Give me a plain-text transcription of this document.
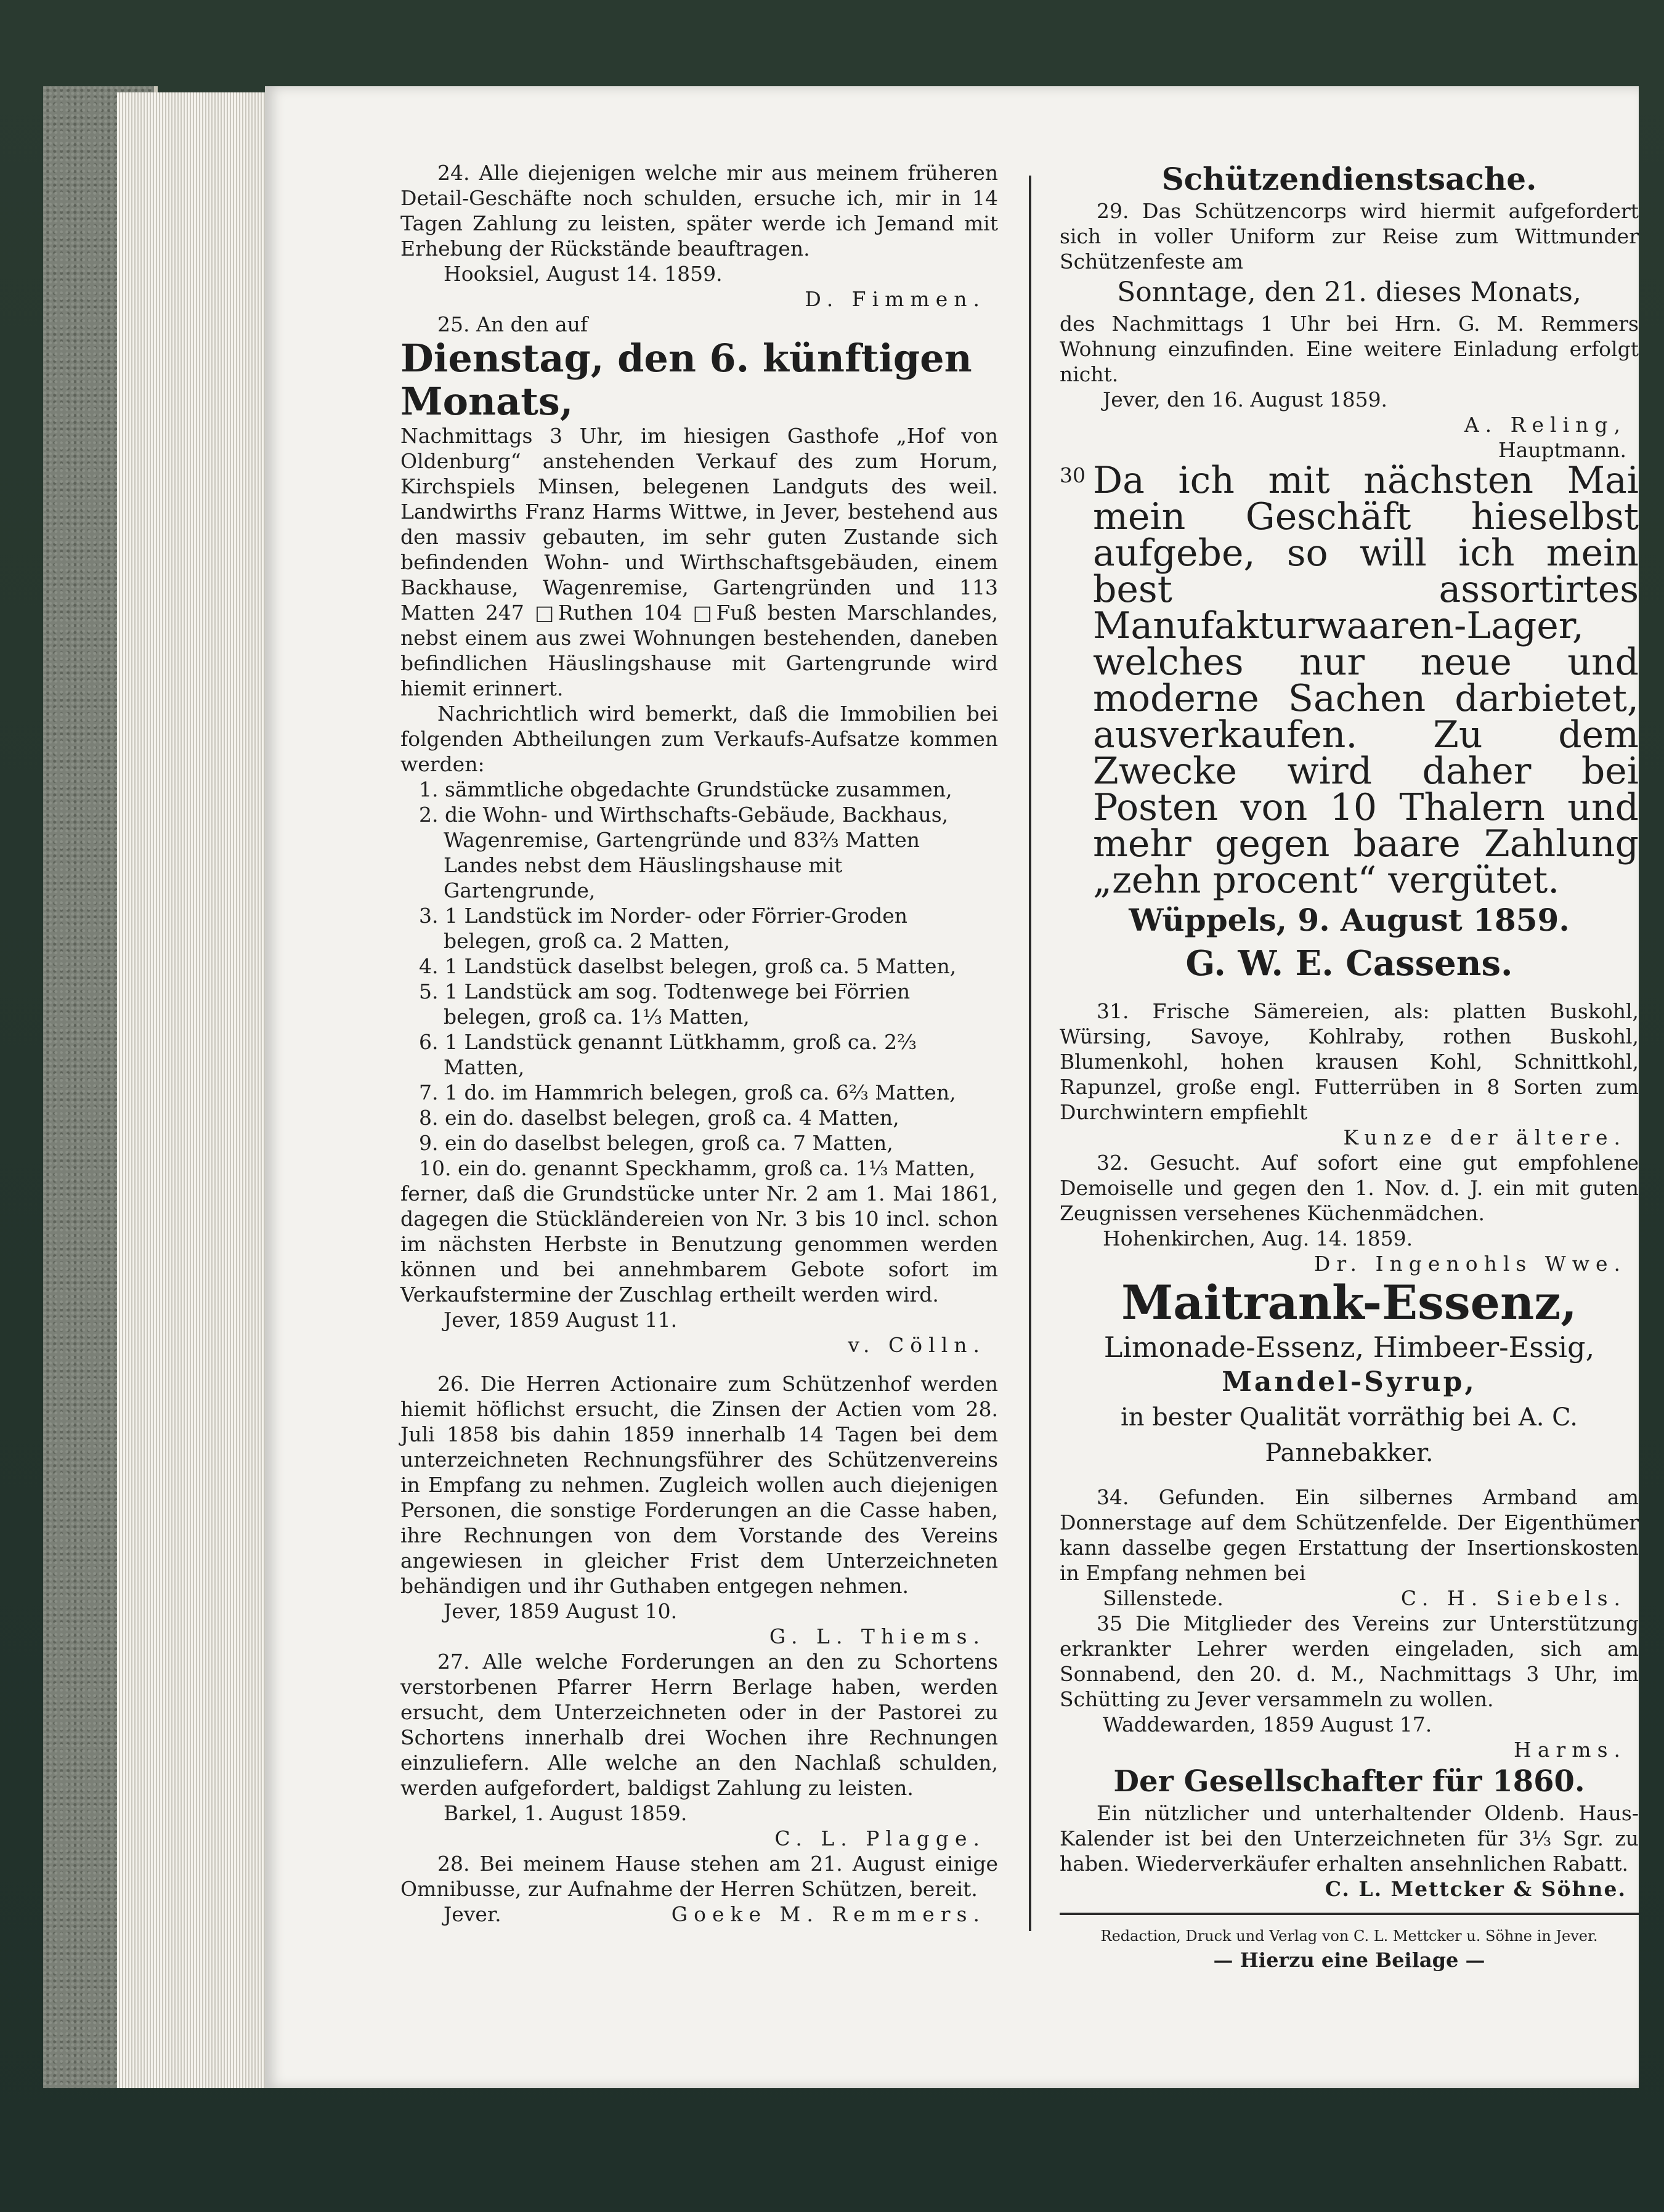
24. Alle diejenigen welche mir aus meinem früheren Detail-Geschäfte noch schulden, ersuche ich, mir in 14 Tagen Zahlung zu leisten, später werde ich Jemand mit Erhebung der Rückstände beauftragen.

Hooksiel, August 14. 1859.

D. Fimmen.

25. An den auf

Dienstag, den 6. künftigen Monats,

Nachmittags 3 Uhr, im hiesigen Gasthofe „Hof von Oldenburg“ anstehenden Verkauf des zum Horum, Kirchspiels Minsen, belegenen Landguts des weil. Landwirths Franz Harms Wittwe, in Jever, bestehend aus den massiv gebauten, im sehr guten Zustande sich befindenden Wohn- und Wirthschaftsgebäuden, einem Backhause, Wagenremise, Gartengründen und 113 Matten 247 □Ruthen 104 □Fuß besten Marschlandes, nebst einem aus zwei Wohnungen bestehenden, daneben befindlichen Häuslingshause mit Gartengrunde wird hiemit erinnert.

Nachrichtlich wird bemerkt, daß die Immobilien bei folgenden Abtheilungen zum Verkaufs-Aufsatze kommen werden:

1. sämmtliche obgedachte Grundstücke zusammen,

2. die Wohn- und Wirthschafts-Gebäude, Backhaus, Wagenremise, Gartengründe und 83⅔ Matten Landes nebst dem Häuslingshause mit Gartengrunde,

3. 1 Landstück im Norder- oder Förrier-Groden belegen, groß ca. 2 Matten,

4. 1 Landstück daselbst belegen, groß ca. 5 Matten,

5. 1 Landstück am sog. Todtenwege bei Förrien belegen, groß ca. 1⅓ Matten,

6. 1 Landstück genannt Lütkhamm, groß ca. 2⅔ Matten,

7. 1 do. im Hammrich belegen, groß ca. 6⅔ Matten,

8. ein do. daselbst belegen, groß ca. 4 Matten,

9. ein do daselbst belegen, groß ca. 7 Matten,

10. ein do. genannt Speckhamm, groß ca. 1⅓ Matten,

ferner, daß die Grundstücke unter Nr. 2 am 1. Mai 1861, dagegen die Stückländereien von Nr. 3 bis 10 incl. schon im nächsten Herbste in Benutzung genommen werden können und bei annehmbarem Gebote sofort im Verkaufstermine der Zuschlag ertheilt werden wird.

Jever, 1859 August 11.

v. Cölln.

26. Die Herren Actionaire zum Schützenhof werden hiemit höflichst ersucht, die Zinsen der Actien vom 28. Juli 1858 bis dahin 1859 innerhalb 14 Tagen bei dem unterzeichneten Rechnungsführer des Schützenvereins in Empfang zu nehmen. Zugleich wollen auch diejenigen Personen, die sonstige Forderungen an die Casse haben, ihre Rechnungen von dem Vorstande des Vereins angewiesen in gleicher Frist dem Unterzeichneten behändigen und ihr Guthaben entgegen nehmen.

Jever, 1859 August 10.

G. L. Thiems.

27. Alle welche Forderungen an den zu Schortens verstorbenen Pfarrer Herrn Berlage haben, werden ersucht, dem Unterzeichneten oder in der Pastorei zu Schortens innerhalb drei Wochen ihre Rechnungen einzuliefern. Alle welche an den Nachlaß schulden, werden aufgefordert, baldigst Zahlung zu leisten.

Barkel, 1. August 1859.

C. L. Plagge.

28. Bei meinem Hause stehen am 21. August einige Omnibusse, zur Aufnahme der Herren Schützen, bereit.

Jever.	Goeke M. Remmers.

Schützendienstsache.

29. Das Schützencorps wird hiermit aufgefordert sich in voller Uniform zur Reise zum Wittmunder Schützenfeste am

Sonntage, den 21. dieses Monats,

des Nachmittags 1 Uhr bei Hrn. G. M. Remmers Wohnung einzufinden. Eine weitere Einladung erfolgt nicht.

Jever, den 16. August 1859.

A. Reling,

Hauptmann.

30 Da ich mit nächsten Mai mein Geschäft hieselbst aufgebe, so will ich mein best assortirtes Manufakturwaaren-Lager, welches nur neue und moderne Sachen darbietet, ausverkaufen. Zu dem Zwecke wird daher bei Posten von 10 Thalern und mehr gegen baare Zahlung „zehn procent“ vergütet.

Wüppels, 9. August 1859.

G. W. E. Cassens.

31. Frische Sämereien, als: platten Buskohl, Würsing, Savoye, Kohlraby, rothen Buskohl, Blumenkohl, hohen krausen Kohl, Schnittkohl, Rapunzel, große engl. Futterrüben in 8 Sorten zum Durchwintern empfiehlt

Kunze der ältere.

32. Gesucht. Auf sofort eine gut empfohlene Demoiselle und gegen den 1. Nov. d. J. ein mit guten Zeugnissen versehenes Küchenmädchen.

Hohenkirchen, Aug. 14. 1859.

Dr. Ingenohls Wwe.

Maitrank-Essenz,

Limonade-Essenz, Himbeer-Essig,

Mandel-Syrup,

in bester Qualität vorräthig bei A. C. Pannebakker.

34. Gefunden. Ein silbernes Armband am Donnerstage auf dem Schützenfelde. Der Eigenthümer kann dasselbe gegen Erstattung der Insertionskosten in Empfang nehmen bei

Sillenstede.	C. H. Siebels.

35 Die Mitglieder des Vereins zur Unterstützung erkrankter Lehrer werden eingeladen, sich am Sonnabend, den 20. d. M., Nachmittags 3 Uhr, im Schütting zu Jever versammeln zu wollen.

Waddewarden, 1859 August 17.

Harms.

Der Gesellschafter für 1860.

Ein nützlicher und unterhaltender Oldenb. Haus-Kalender ist bei den Unterzeichneten für 3⅓ Sgr. zu haben. Wiederverkäufer erhalten ansehnlichen Rabatt.

C. L. Mettcker & Söhne.

Redaction, Druck und Verlag von C. L. Mettcker u. Söhne in Jever.

— Hierzu eine Beilage —
